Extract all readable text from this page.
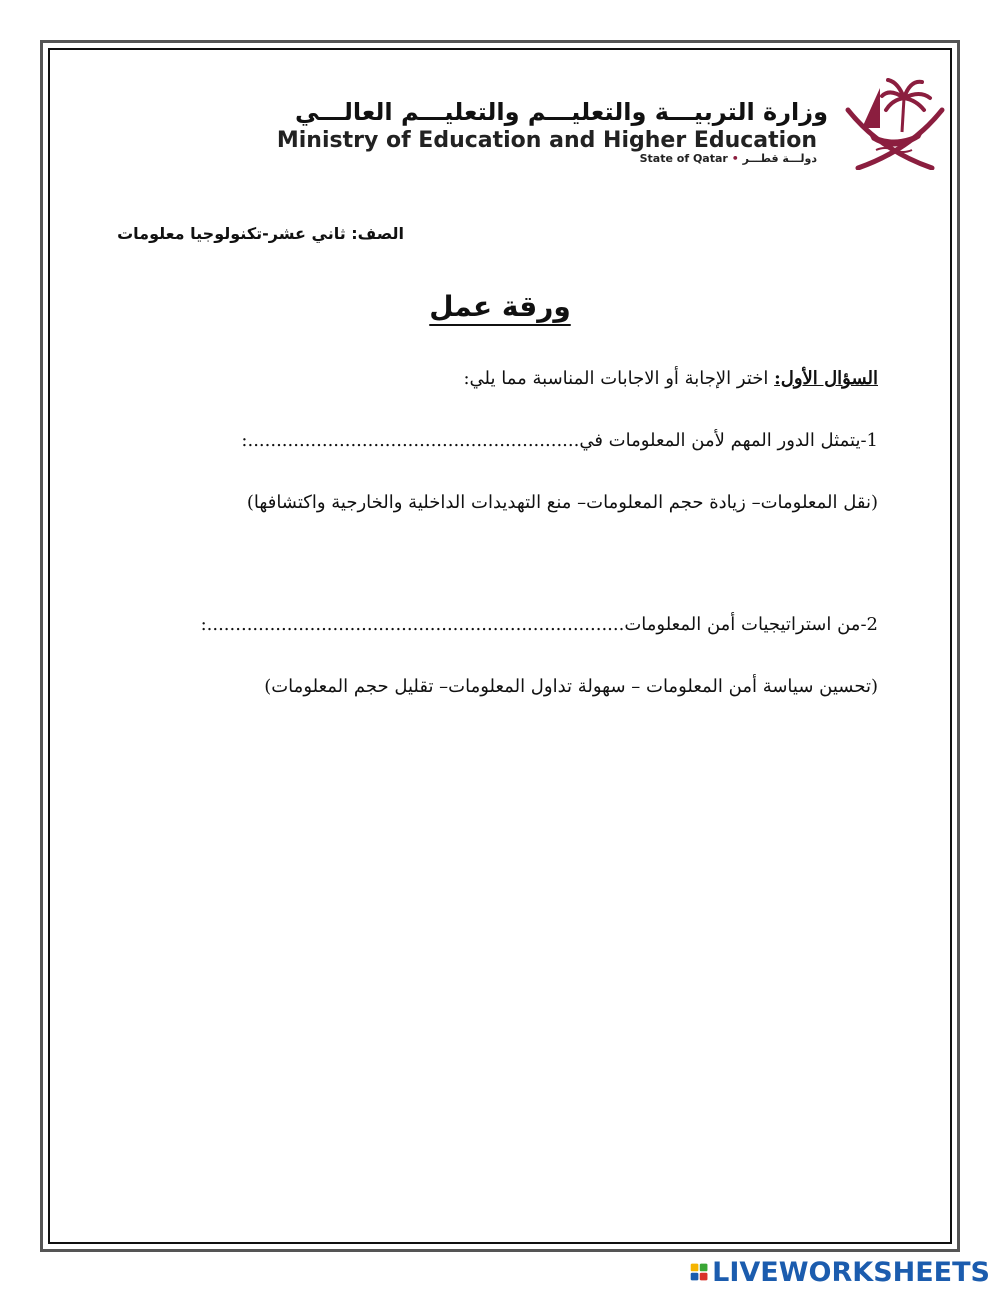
وزارة التربيـــة والتعليـــم والتعليـــم العالـــي
Ministry of Education and Higher Education
State of Qatar • دولـــة قطـــر
الصف: ثاني عشر-تكنولوجيا معلومات
ورقة عمل
السؤال الأول: اختر الإجابة أو الاجابات المناسبة مما يلي:
1-يتمثل الدور المهم لأمن المعلومات في..........................................................:
(نقل المعلومات– زيادة حجم المعلومات– منع التهديدات الداخلية والخارجية واكتشافها)
2-من استراتيجيات أمن المعلومات.........................................................................:
(تحسين سياسة أمن المعلومات – سهولة تداول المعلومات– تقليل حجم المعلومات)
LIVEWORKSHEETS
